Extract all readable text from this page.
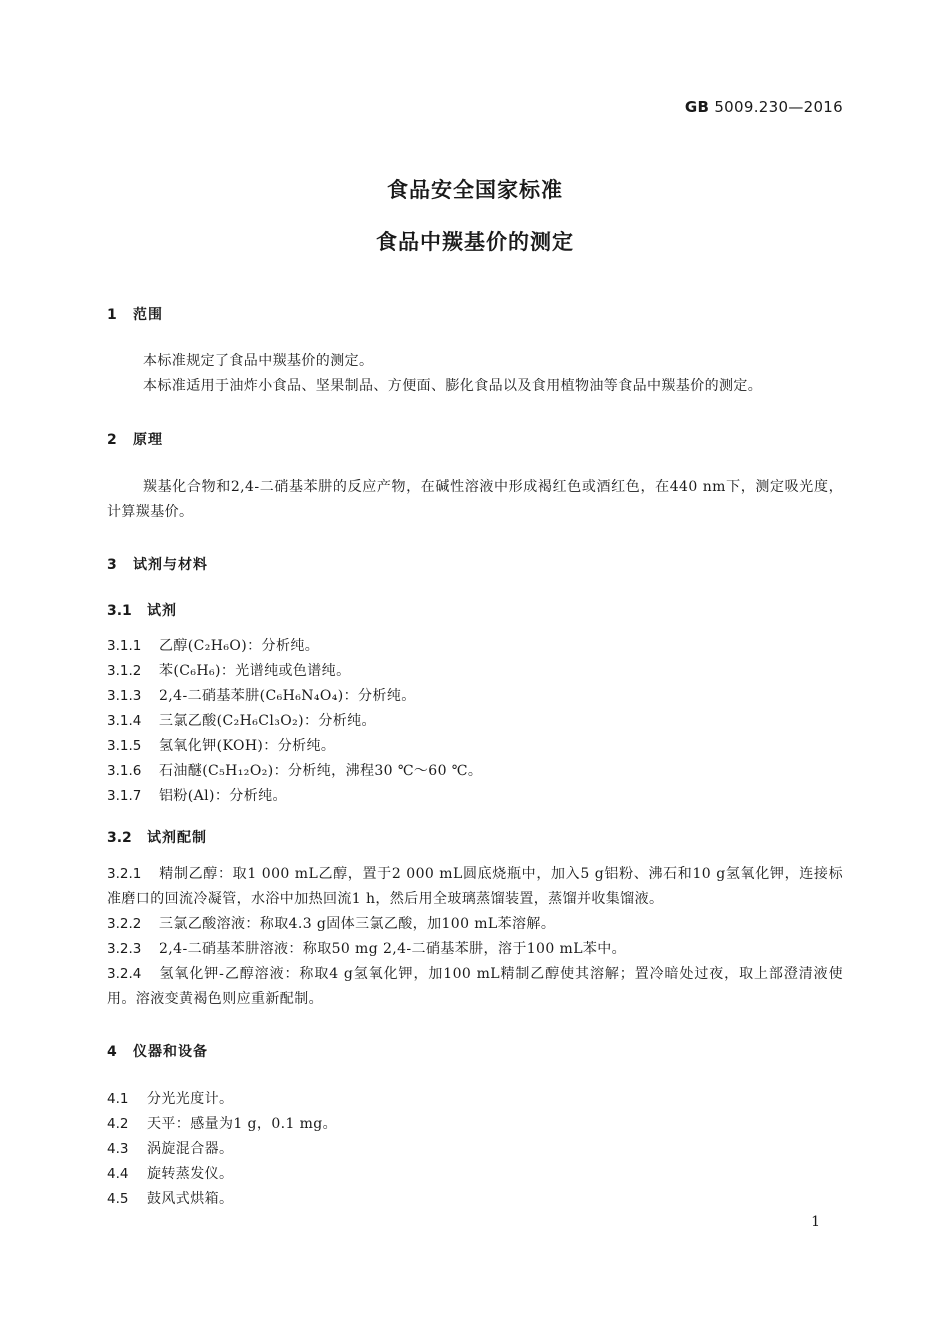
GB 5009.230—2016
食品安全国家标准
食品中羰基价的测定
1 范围
本标准规定了食品中羰基价的测定。
本标准适用于油炸小食品、坚果制品、方便面、膨化食品以及食用植物油等食品中羰基价的测定。
2 原理
羰基化合物和2,4-二硝基苯肼的反应产物，在碱性溶液中形成褐红色或酒红色，在440 nm下，测定吸光度，计算羰基价。
3 试剂与材料
3.1 试剂
3.1.1 乙醇(C₂H₆O)：分析纯。
3.1.2 苯(C₆H₆)：光谱纯或色谱纯。
3.1.3 2,4-二硝基苯肼(C₆H₆N₄O₄)：分析纯。
3.1.4 三氯乙酸(C₂H₆Cl₃O₂)：分析纯。
3.1.5 氢氧化钾(KOH)：分析纯。
3.1.6 石油醚(C₅H₁₂O₂)：分析纯，沸程30 ℃～60 ℃。
3.1.7 铝粉(Al)：分析纯。
3.2 试剂配制
3.2.1 精制乙醇：取1 000 mL乙醇，置于2 000 mL圆底烧瓶中，加入5 g铝粉、沸石和10 g氢氧化钾，连接标准磨口的回流冷凝管，水浴中加热回流1 h，然后用全玻璃蒸馏装置，蒸馏并收集馏液。
3.2.2 三氯乙酸溶液：称取4.3 g固体三氯乙酸，加100 mL苯溶解。
3.2.3 2,4-二硝基苯肼溶液：称取50 mg 2,4-二硝基苯肼，溶于100 mL苯中。
3.2.4 氢氧化钾-乙醇溶液：称取4 g氢氧化钾，加100 mL精制乙醇使其溶解；置冷暗处过夜，取上部澄清液使用。溶液变黄褐色则应重新配制。
4 仪器和设备
4.1 分光光度计。
4.2 天平：感量为1 g，0.1 mg。
4.3 涡旋混合器。
4.4 旋转蒸发仪。
4.5 鼓风式烘箱。
1
